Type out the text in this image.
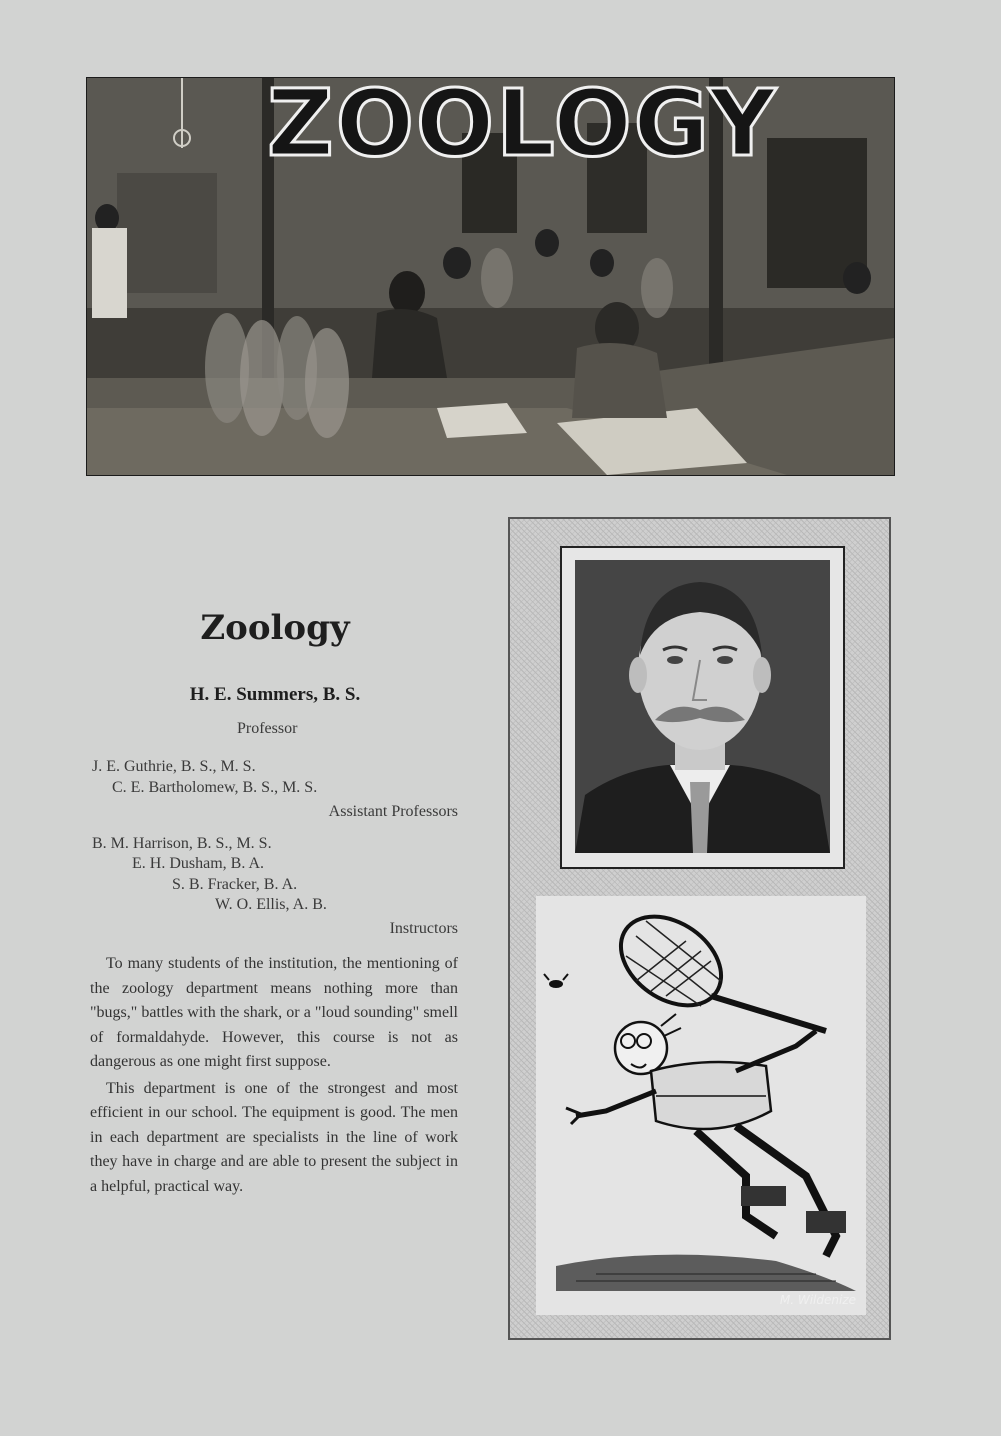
ZOOLOGY
Zoology
H. E. Summers, B. S.
Professor
J. E. Guthrie, B. S., M. S.
C. E. Bartholomew, B. S., M. S.
Assistant Professors
B. M. Harrison, B. S., M. S.
E. H. Dusham, B. A.
S. B. Fracker, B. A.
W. O. Ellis, A. B.
Instructors

To many students of the institution, the mentioning of the zoology department means nothing more than "bugs," battles with the shark, or a "loud sounding" smell of formaldahyde. However, this course is not as dangerous as one might first suppose.

This department is one of the strongest and most efficient in our school. The equipment is good. The men in each department are specialists in the line of work they have in charge and are able to present the subject in a helpful, practical way.

M. Wildenize
